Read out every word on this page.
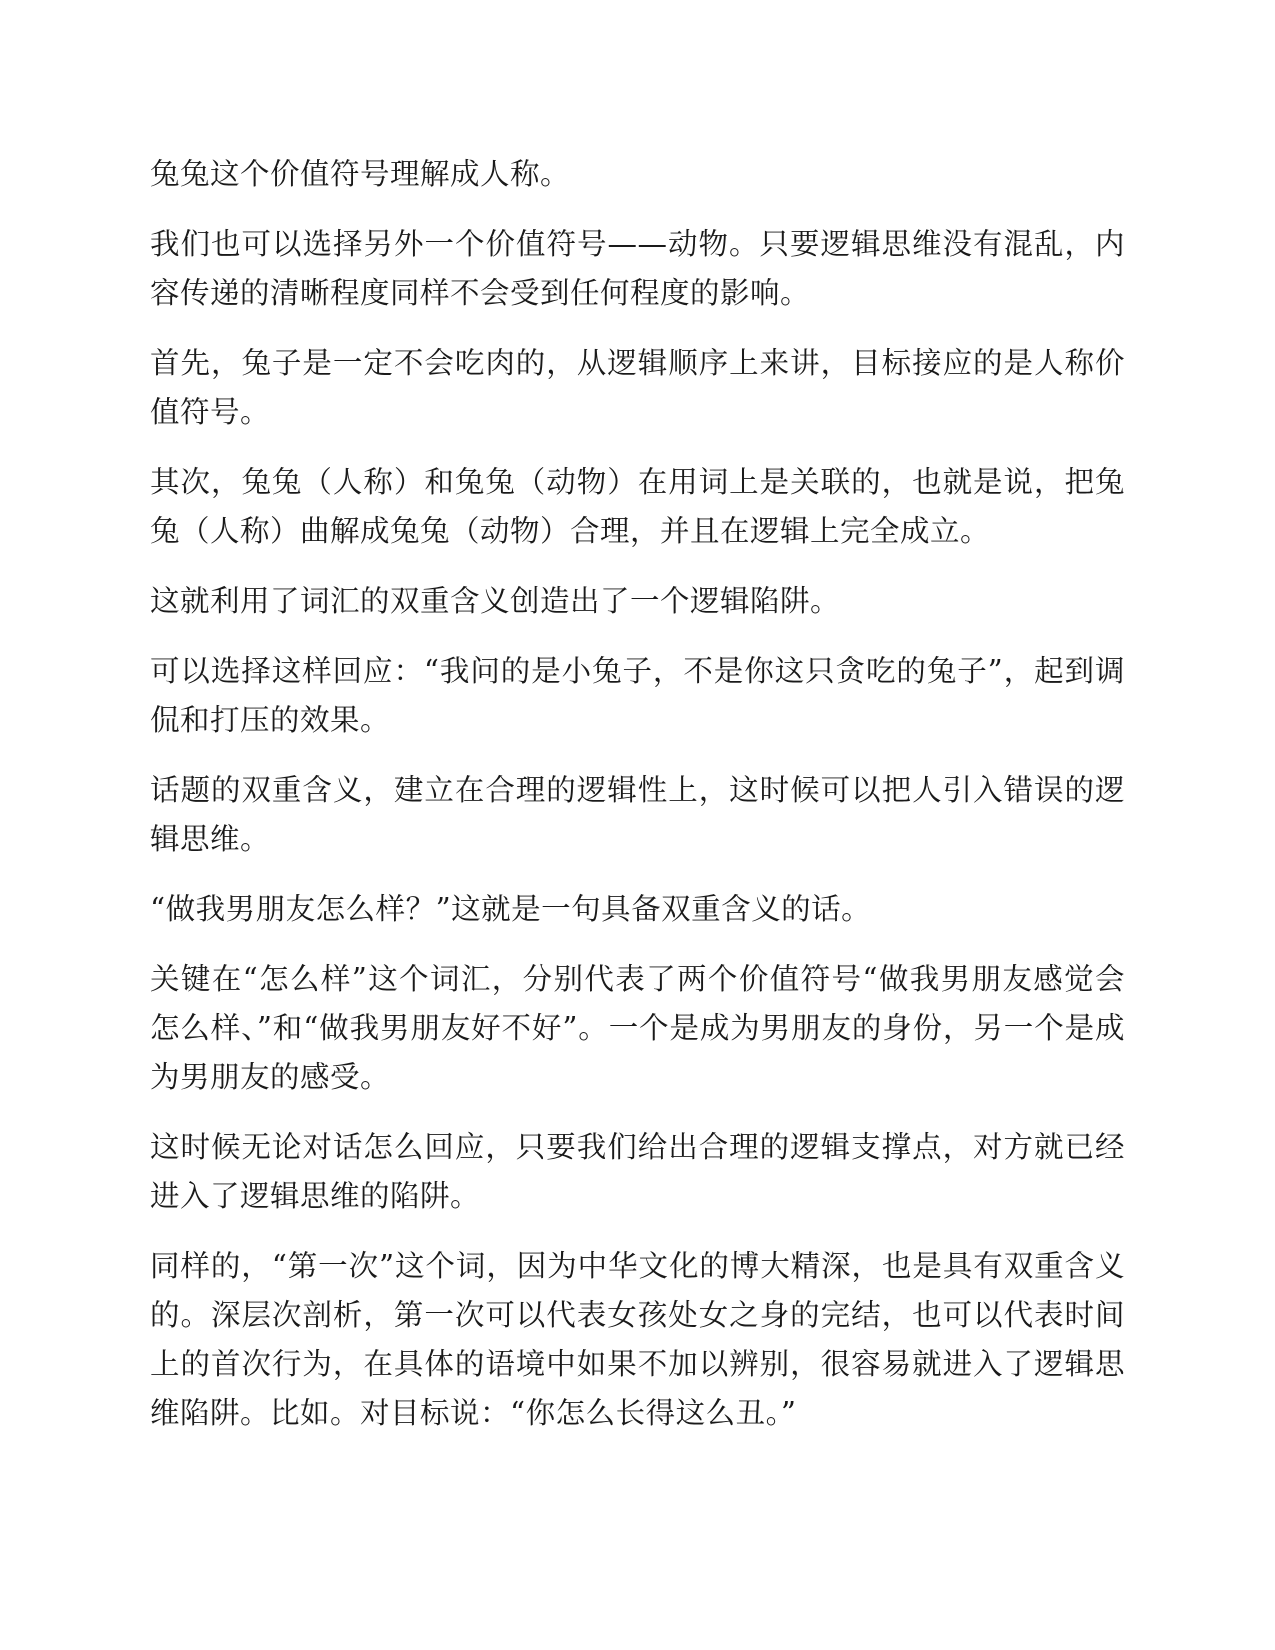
兔兔这个价值符号理解成人称。

我们也可以选择另外一个价值符号——动物。只要逻辑思维没有混乱，内容传递的清晰程度同样不会受到任何程度的影响。

首先，兔子是一定不会吃肉的，从逻辑顺序上来讲，目标接应的是人称价值符号。

其次，兔兔（人称）和兔兔（动物）在用词上是关联的，也就是说，把兔兔（人称）曲解成兔兔（动物）合理，并且在逻辑上完全成立。

这就利用了词汇的双重含义创造出了一个逻辑陷阱。

可以选择这样回应：“我问的是小兔子，不是你这只贪吃的兔子”，起到调侃和打压的效果。

话题的双重含义，建立在合理的逻辑性上，这时候可以把人引入错误的逻辑思维。

“做我男朋友怎么样？”这就是一句具备双重含义的话。

关键在“怎么样”这个词汇，分别代表了两个价值符号“做我男朋友感觉会怎么样、”和“做我男朋友好不好”。一个是成为男朋友的身份，另一个是成为男朋友的感受。

这时候无论对话怎么回应，只要我们给出合理的逻辑支撑点，对方就已经进入了逻辑思维的陷阱。

同样的，“第一次”这个词，因为中华文化的博大精深，也是具有双重含义的。深层次剖析，第一次可以代表女孩处女之身的完结，也可以代表时间上的首次行为，在具体的语境中如果不加以辨别，很容易就进入了逻辑思维陷阱。比如。对目标说：“你怎么长得这么丑。”
